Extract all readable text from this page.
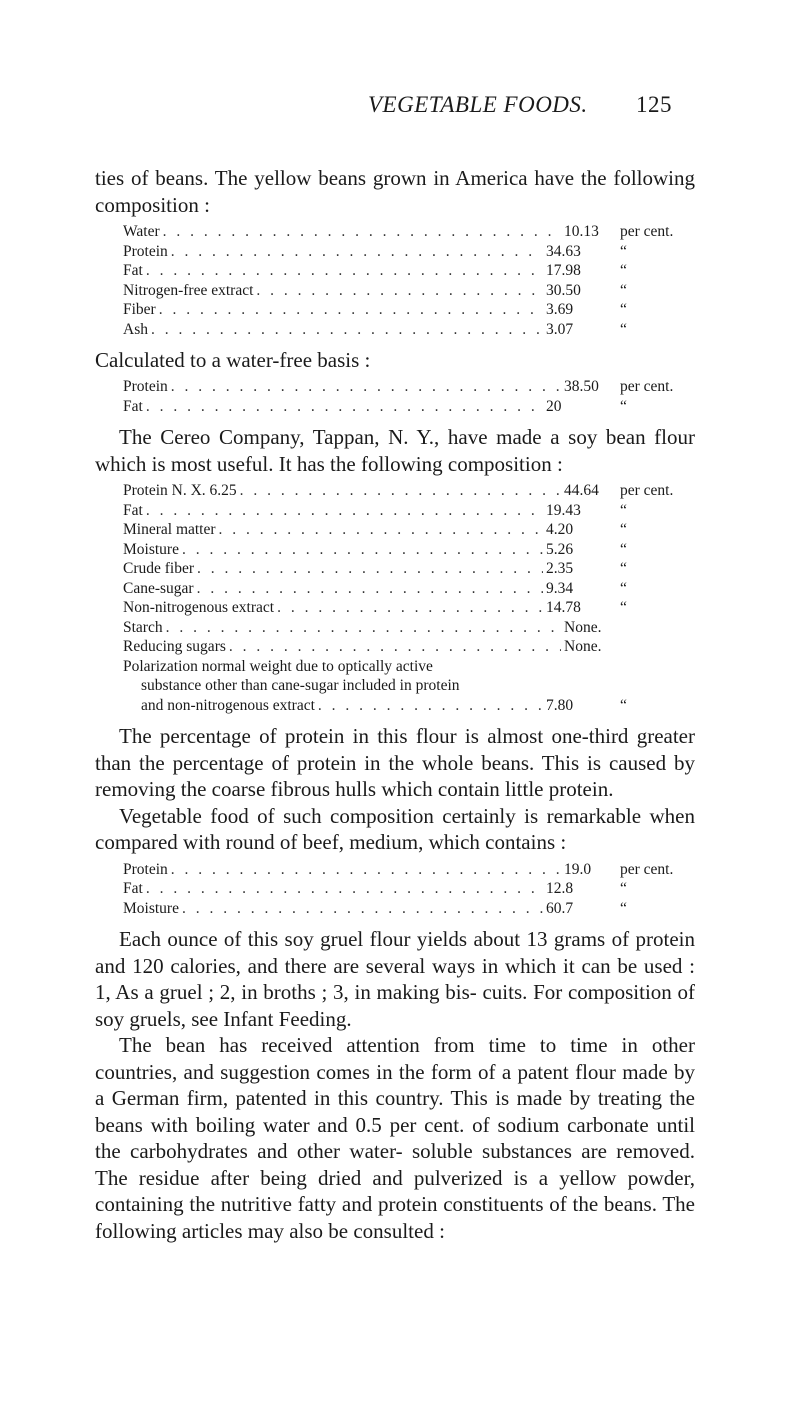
VEGETABLE FOODS. 125

ties of beans. The yellow beans grown in America have the following composition :

Water . . .	10.13	per cent.
Protein . . .	34.63	“
Fat . . .	17.98	“
Nitrogen-free extract . . .	30.50	“
Fiber . . .	3.69	“
Ash . . .	3.07	“

Calculated to a water-free basis :

Protein . . .	38.50	per cent.
Fat . . .	20	“

The Cereo Company, Tappan, N. Y., have made a soy bean flour which is most useful. It has the following composition :

Protein N. X. 6.25 . . .	44.64	per cent.
Fat . . .	19.43	“
Mineral matter . . .	4.20	“
Moisture . . .	5.26	“
Crude fiber . . .	2.35	“
Cane-sugar . . .	9.34	“
Non-nitrogenous extract . . .	14.78	“
Starch . . .	None.
Reducing sugars . . .	None.
Polarization normal weight due to optically active
substance other than cane-sugar included in protein
and non-nitrogenous extract . . .	7.80	“

The percentage of protein in this flour is almost one-third greater than the percentage of protein in the whole beans. This is caused by removing the coarse fibrous hulls which contain little protein.

Vegetable food of such composition certainly is remarkable when compared with round of beef, medium, which contains :

Protein . . .	19.0	per cent.
Fat . . .	12.8	“
Moisture . . .	60.7	“

Each ounce of this soy gruel flour yields about 13 grams of protein and 120 calories, and there are several ways in which it can be used : 1, As a gruel ; 2, in broths ; 3, in making bis- cuits. For composition of soy gruels, see Infant Feeding.

The bean has received attention from time to time in other countries, and suggestion comes in the form of a patent flour made by a German firm, patented in this country. This is made by treating the beans with boiling water and 0.5 per cent. of sodium carbonate until the carbohydrates and other water- soluble substances are removed. The residue after being dried and pulverized is a yellow powder, containing the nutritive fatty and protein constituents of the beans. The following articles may also be consulted :
